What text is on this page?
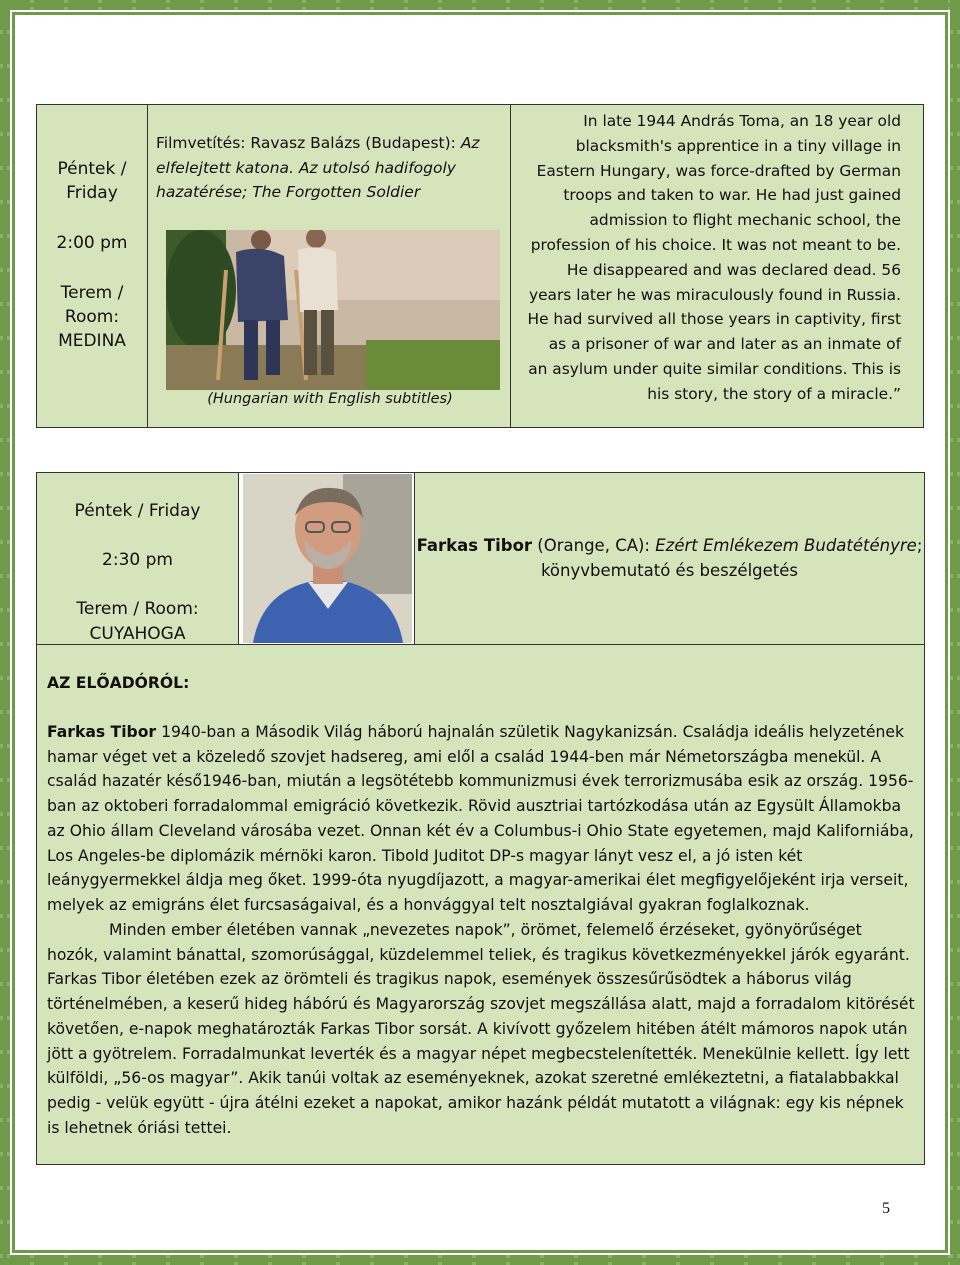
Péntek /
Friday
2:00 pm
Terem /
Room:
MEDINA
Filmvetítés: Ravasz Balázs (Budapest): Az elfelejtett katona. Az utolsó hadifogoly hazatérése; The Forgotten Soldier
(Hungarian with English subtitles)
In late 1944 András Toma, an 18 year old blacksmith's apprentice in a tiny village in Eastern Hungary, was force-drafted by German troops and taken to war. He had just gained admission to flight mechanic school, the profession of his choice. It was not meant to be. He disappeared and was declared dead. 56 years later he was miraculously found in Russia. He had survived all those years in captivity, first as a prisoner of war and later as an inmate of an asylum under quite similar conditions. This is his story, the story of a miracle.”
Péntek / Friday
2:30 pm
Terem / Room:
CUYAHOGA
Farkas Tibor (Orange, CA): Ezért Emlékezem Budatétényre;
könyvbemutató és beszélgetés
AZ ELŐADÓRÓL:

Farkas Tibor 1940-ban a Második Világ háború hajnalán születik Nagykanizsán. Családja ideális helyzetének hamar véget vet a közeledő szovjet hadsereg, ami elől a család 1944-ben már Németországba menekül. A család hazatér késő1946-ban, miután a legsötétebb kommunizmusi évek terrorizmusába esik az ország. 1956-ban az oktoberi forradalommal emigráció következik. Rövid ausztriai tartózkodása után az Egysült Államokba az Ohio állam Cleveland városába vezet. Onnan két év a Columbus-i Ohio State egyetemen, majd Kaliforniába, Los Angeles-be diplomázik mérnöki karon. Tibold Juditot DP-s magyar lányt vesz el, a jó isten két leánygyermekkel áldja meg őket. 1999-óta nyugdíjazott, a magyar-amerikai élet megfigyelőjeként irja verseit, melyek az emigráns élet furcsaságaival, és a honvággyal telt nosztalgiával gyakran foglalkoznak.

Minden ember életében vannak „nevezetes napok”, örömet, felemelő érzéseket, gyönyörűséget hozók, valamint bánattal, szomorúsággal, küzdelemmel teliek, és tragikus következményekkel járók egyaránt. Farkas Tibor életében ezek az örömteli és tragikus napok, események összesűrűsödtek a háborus világ történelmében, a keserű hideg hábórú és Magyarország szovjet megszállása alatt, majd a forradalom kitörését követően, e-napok meghatározták Farkas Tibor sorsát. A kivívott győzelem hitében átélt mámoros napok után jött a gyötrelem. Forradalmunkat leverték és a magyar népet megbecstelenítették. Menekülnie kellett. Így lett külföldi, „56-os magyar”. Akik tanúi voltak az eseményeknek, azokat szeretné emlékeztetni, a fiatalabbakkal pedig - velük együtt - újra átélni ezeket a napokat, amikor hazánk példát mutatott a világnak: egy kis népnek is lehetnek óriási tettei.

5
